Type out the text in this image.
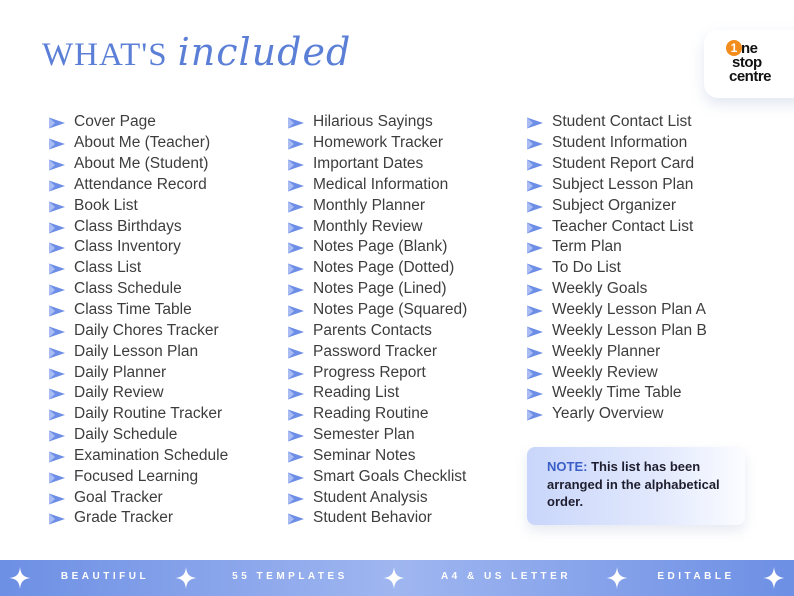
WHAT'S included	1 ne
stop
centre
Cover Page
About Me (Teacher)
About Me (Student)
Attendance Record
Book List
Class Birthdays
Class Inventory
Class List
Class Schedule
Class Time Table
Daily Chores Tracker
Daily Lesson Plan
Daily Planner
Daily Review
Daily Routine Tracker
Daily Schedule
Examination Schedule
Focused Learning
Goal Tracker
Grade Tracker
Hilarious Sayings
Homework Tracker
Important Dates
Medical Information
Monthly Planner
Monthly Review
Notes Page (Blank)
Notes Page (Dotted)
Notes Page (Lined)
Notes Page (Squared)
Parents Contacts
Password Tracker
Progress Report
Reading List
Reading Routine
Semester Plan
Seminar Notes
Smart Goals Checklist
Student Analysis
Student Behavior
Student Contact List
Student Information
Student Report Card
Subject Lesson Plan
Subject Organizer
Teacher Contact List
Term Plan
To Do List
Weekly Goals
Weekly Lesson Plan A
Weekly Lesson Plan B
Weekly Planner
Weekly Review
Weekly Time Table
Yearly Overview
NOTE: This list has been arranged in the alphabetical order.
BEAUTIFUL	55 TEMPLATES	A4 & US LETTER	EDITABLE
